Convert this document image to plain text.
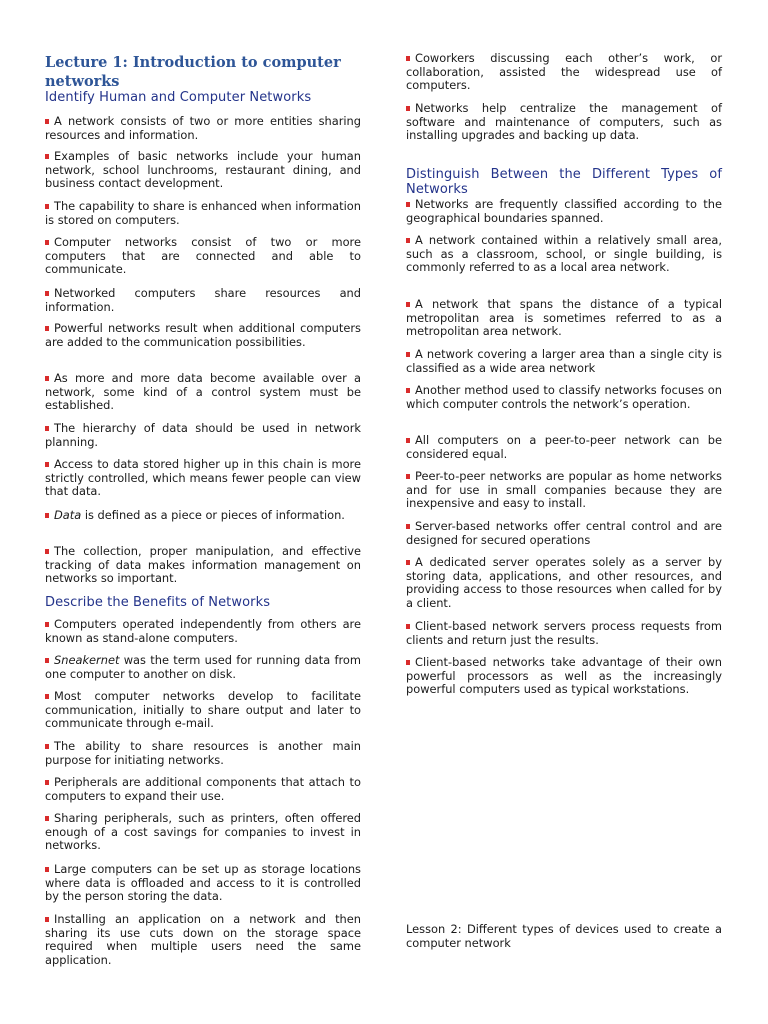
Lecture 1: Introduction to computer networks
Identify Human and Computer Networks

A network consists of two or more entities sharing resources and information.

Examples of basic networks include your human network, school lunchrooms, restaurant dining, and business contact development.

The capability to share is enhanced when information is stored on computers.

Computer networks consist of two or more computers that are connected and able to communicate.

Networked computers share resources and information.

Powerful networks result when additional computers are added to the communication possibilities.

As more and more data become available over a network, some kind of a control system must be established.

The hierarchy of data should be used in network planning.

Access to data stored higher up in this chain is more strictly controlled, which means fewer people can view that data.

Data is defined as a piece or pieces of information.

The collection, proper manipulation, and effective tracking of data makes information management on networks so important.

Describe the Benefits of Networks

Computers operated independently from others are known as stand-alone computers.

Sneakernet was the term used for running data from one computer to another on disk.

Most computer networks develop to facilitate communication, initially to share output and later to communicate through e-mail.

The ability to share resources is another main purpose for initiating networks.

Peripherals are additional components that attach to computers to expand their use.

Sharing peripherals, such as printers, often offered enough of a cost savings for companies to invest in networks.

Large computers can be set up as storage locations where data is offloaded and access to it is controlled by the person storing the data.

Installing an application on a network and then sharing its use cuts down on the storage space required when multiple users need the same application.

Coworkers discussing each other’s work, or collaboration, assisted the widespread use of computers.

Networks help centralize the management of software and maintenance of computers, such as installing upgrades and backing up data.

Distinguish Between the Different Types of Networks

Networks are frequently classified according to the geographical boundaries spanned.

A network contained within a relatively small area, such as a classroom, school, or single building, is commonly referred to as a local area network.

A network that spans the distance of a typical metropolitan area is sometimes referred to as a metropolitan area network.

A network covering a larger area than a single city is classified as a wide area network

Another method used to classify networks focuses on which computer controls the network’s operation.

All computers on a peer-to-peer network can be considered equal.

Peer-to-peer networks are popular as home networks and for use in small companies because they are inexpensive and easy to install.

Server-based networks offer central control and are designed for secured operations

A dedicated server operates solely as a server by storing data, applications, and other resources, and providing access to those resources when called for by a client.

Client-based network servers process requests from clients and return just the results.

Client-based networks take advantage of their own powerful processors as well as the increasingly powerful computers used as typical workstations.

Lesson 2: Different types of devices used to create a computer network
